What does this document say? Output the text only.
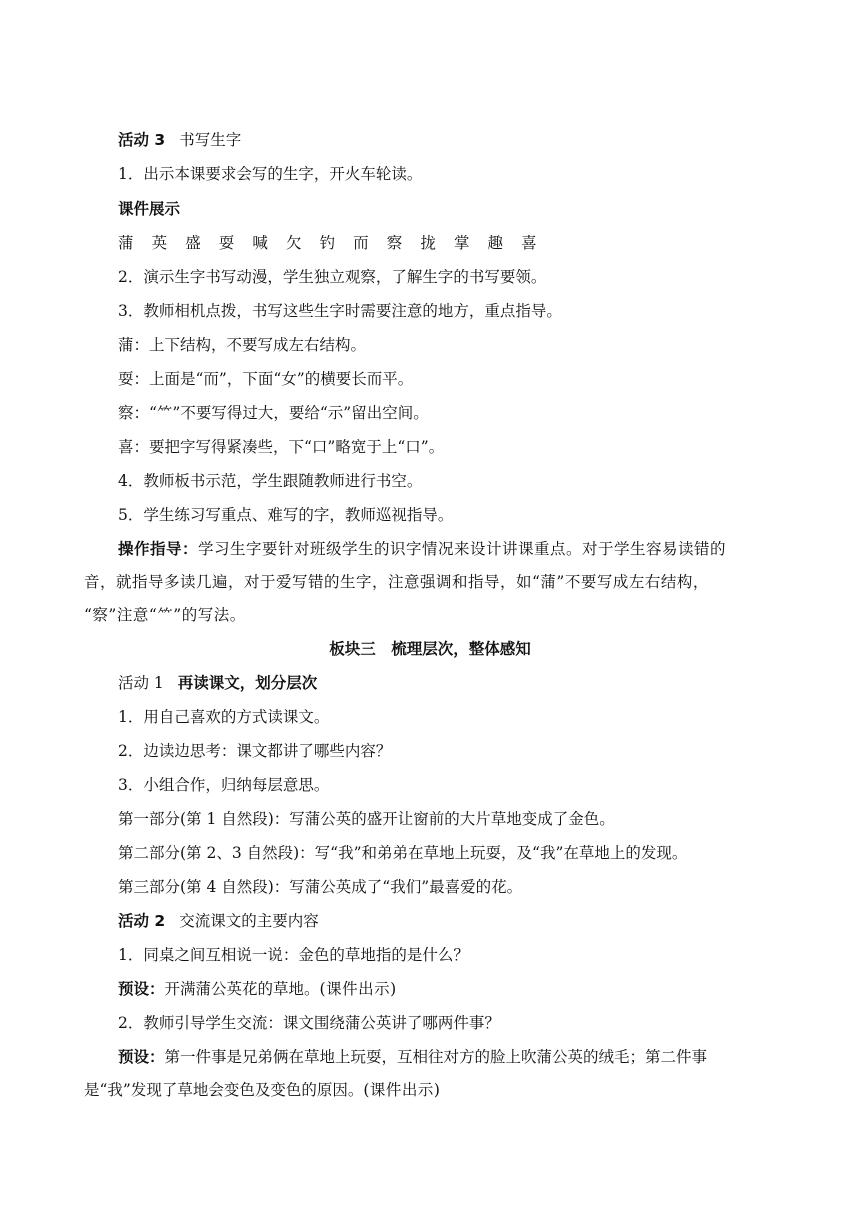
活动 3 书写生字
1．出示本课要求会写的生字，开火车轮读。
课件展示
蒲 英 盛 耍 喊 欠 钓 而 察 拢 掌 趣 喜
2．演示生字书写动漫，学生独立观察，了解生字的书写要领。
3．教师相机点拨，书写这些生字时需要注意的地方，重点指导。
蒲：上下结构，不要写成左右结构。
耍：上面是“而”，下面“女”的横要长而平。
察：“⺮”不要写得过大，要给“示”留出空间。
喜：要把字写得紧凑些，下“口”略宽于上“口”。
4．教师板书示范，学生跟随教师进行书空。
5．学生练习写重点、难写的字，教师巡视指导。
操作指导：学习生字要针对班级学生的识字情况来设计讲课重点。对于学生容易读错的
音，就指导多读几遍，对于爱写错的生字，注意强调和指导，如“蒲”不要写成左右结构，
“察”注意“⺮”的写法。
板块三　梳理层次，整体感知
活动 1 再读课文，划分层次
1．用自己喜欢的方式读课文。
2．边读边思考：课文都讲了哪些内容？
3．小组合作，归纳每层意思。
第一部分(第 1 自然段)：写蒲公英的盛开让窗前的大片草地变成了金色。
第二部分(第 2、3 自然段)：写“我”和弟弟在草地上玩耍，及“我”在草地上的发现。
第三部分(第 4 自然段)：写蒲公英成了“我们”最喜爱的花。
活动 2 交流课文的主要内容
1．同桌之间互相说一说：金色的草地指的是什么？
预设：开满蒲公英花的草地。(课件出示)
2．教师引导学生交流：课文围绕蒲公英讲了哪两件事？
预设：第一件事是兄弟俩在草地上玩耍，互相往对方的脸上吹蒲公英的绒毛；第二件事
是“我”发现了草地会变色及变色的原因。(课件出示)
